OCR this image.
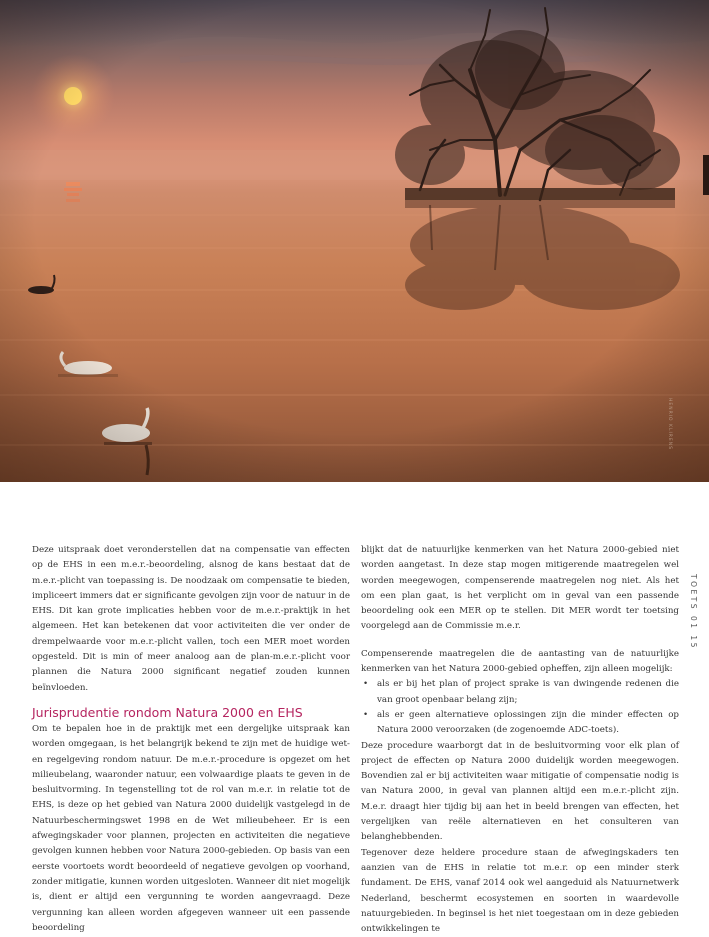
HENRIO KLIRENS
TOETS 01 15

Deze uitspraak doet veronderstellen dat na compensatie van effecten op de EHS in een m.e.r.-beoordeling, alsnog de kans bestaat dat de m.e.r.-plicht van toepassing is. De noodzaak om compensatie te bieden, impliceert immers dat er significante gevolgen zijn voor de natuur in de EHS. Dit kan grote implicaties hebben voor de m.e.r.-praktijk in het algemeen. Het kan betekenen dat voor activiteiten die ver onder de drempelwaarde voor m.e.r.-plicht vallen, toch een MER moet worden opgesteld. Dit is min of meer analoog aan de plan-m.e.r.-plicht voor plannen die Natura 2000 significant negatief zouden kunnen beïnvloeden.

Jurisprudentie rondom Natura 2000 en EHS

Om te bepalen hoe in de praktijk met een dergelijke uitspraak kan worden omgegaan, is het belangrijk bekend te zijn met de huidige wet- en regelgeving rondom natuur. De m.e.r.-procedure is opgezet om het milieubelang, waaronder natuur, een volwaardige plaats te geven in de besluitvorming. In tegenstelling tot de rol van m.e.r. in relatie tot de EHS, is deze op het gebied van Natura 2000 duidelijk vastgelegd in de Natuurbeschermingswet 1998 en de Wet milieubeheer. Er is een afwegingskader voor plannen, projecten en activiteiten die negatieve gevolgen kunnen hebben voor Natura 2000-gebieden. Op basis van een eerste voortoets wordt beoordeeld of negatieve gevolgen op voorhand, zonder mitigatie, kunnen worden uitgesloten. Wanneer dit niet mogelijk is, dient er altijd een vergunning te worden aangevraagd. Deze vergunning kan alleen worden afgegeven wanneer uit een passende beoordeling

blijkt dat de natuurlijke kenmerken van het Natura 2000-gebied niet worden aangetast. In deze stap mogen mitigerende maatregelen wel worden meegewogen, compenserende maatregelen nog niet. Als het om een plan gaat, is het verplicht om in geval van een passende beoordeling ook een MER op te stellen. Dit MER wordt ter toetsing voorgelegd aan de Commissie m.e.r.

Compenserende maatregelen die de aantasting van de natuurlijke kenmerken van het Natura 2000-gebied opheffen, zijn alleen mogelijk:

• als er bij het plan of project sprake is van dwingende redenen die van groot openbaar belang zijn;
• als er geen alternatieve oplossingen zijn die minder effecten op Natura 2000 veroorzaken (de zogenoemde ADC-toets).

Deze procedure waarborgt dat in de besluitvorming voor elk plan of project de effecten op Natura 2000 duidelijk worden meegewogen. Bovendien zal er bij activiteiten waar mitigatie of compensatie nodig is van Natura 2000, in geval van plannen altijd een m.e.r.-plicht zijn. M.e.r. draagt hier tijdig bij aan het in beeld brengen van effecten, het vergelijken van reële alternatieven en het consulteren van belanghebbenden.

Tegenover deze heldere procedure staan de afwegingskaders ten aanzien van de EHS in relatie tot m.e.r. op een minder sterk fundament. De EHS, vanaf 2014 ook wel aangeduid als Natuurnetwerk Nederland, beschermt ecosystemen en soorten in waardevolle natuurgebieden. In beginsel is het niet toegestaan om in deze gebieden ontwikkelingen te
